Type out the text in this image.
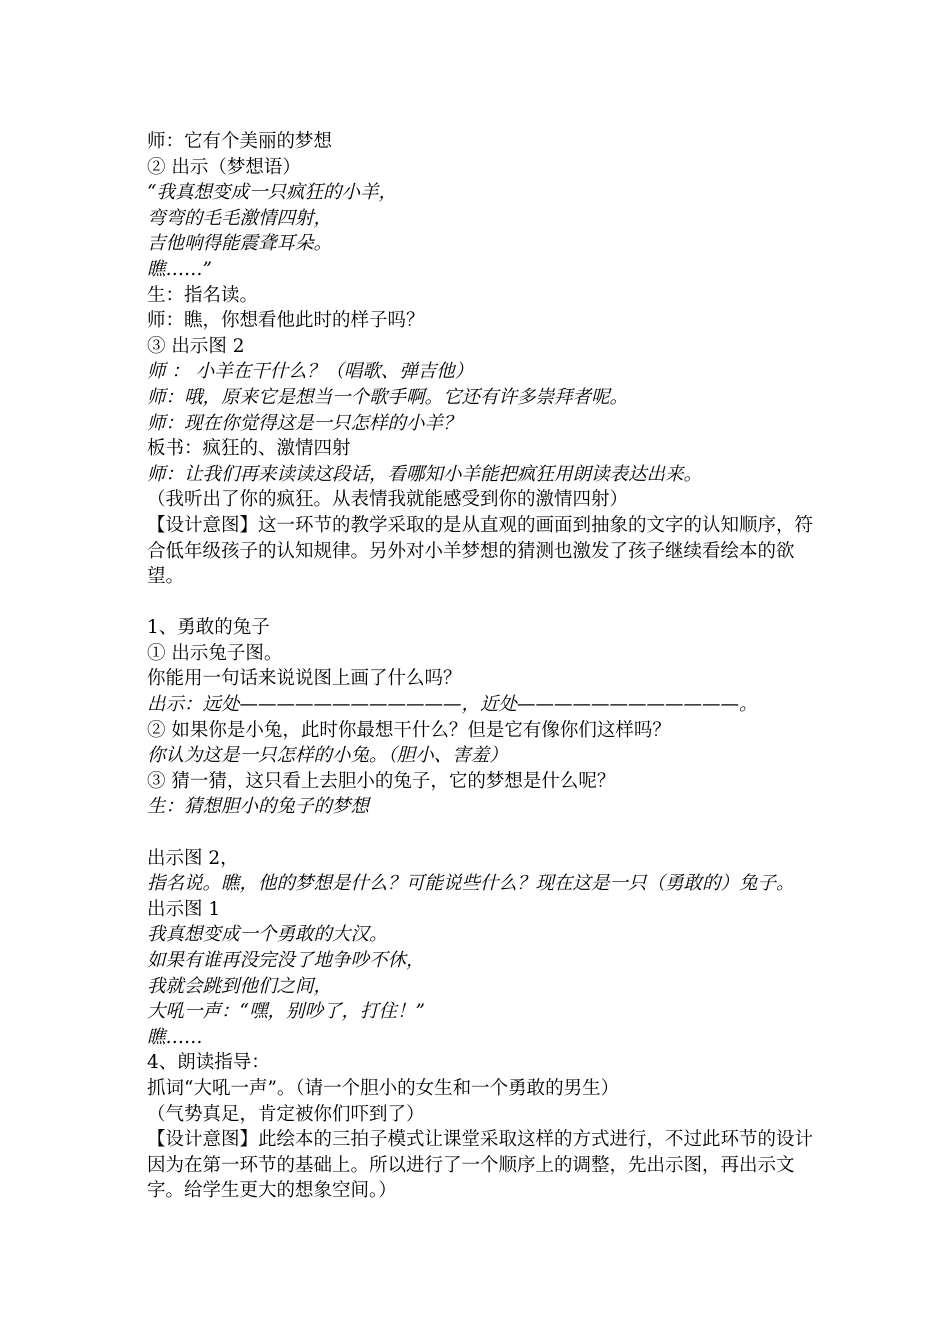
师：它有个美丽的梦想
② 出示（梦想语）
“我真想变成一只疯狂的小羊，
弯弯的毛毛激情四射，
吉他响得能震聋耳朵。
瞧……”
生：指名读。
师：瞧，你想看他此时的样子吗？
③ 出示图 2
师 ： 小羊在干什么？（唱歌、弹吉他）
师：哦，原来它是想当一个歌手啊。它还有许多崇拜者呢。
师：现在你觉得这是一只怎样的小羊？
板书：疯狂的、激情四射
师：让我们再来读读这段话，看哪知小羊能把疯狂用朗读表达出来。
（我听出了你的疯狂。从表情我就能感受到你的激情四射）
【设计意图】这一环节的教学采取的是从直观的画面到抽象的文字的认知顺序，符合低年级孩子的认知规律。另外对小羊梦想的猜测也激发了孩子继续看绘本的欲望。
1、勇敢的兔子
① 出示兔子图。
你能用一句话来说说图上画了什么吗？
出示：远处————————————，近处————————————。
② 如果你是小兔，此时你最想干什么？但是它有像你们这样吗？
你认为这是一只怎样的小兔。（胆小、害羞）
③ 猜一猜，这只看上去胆小的兔子，它的梦想是什么呢？
生：猜想胆小的兔子的梦想
出示图 2，
指名说。瞧，他的梦想是什么？可能说些什么？现在这是一只（勇敢的）兔子。
出示图 1
我真想变成一个勇敢的大汉。
如果有谁再没完没了地争吵不休，
我就会跳到他们之间，
大吼一声：“嘿，别吵了，打住！”
瞧……
4、朗读指导：
抓词“大吼一声”。（请一个胆小的女生和一个勇敢的男生）
（气势真足，肯定被你们吓到了）
【设计意图】此绘本的三拍子模式让课堂采取这样的方式进行，不过此环节的设计因为在第一环节的基础上。所以进行了一个顺序上的调整，先出示图，再出示文字。给学生更大的想象空间。）
